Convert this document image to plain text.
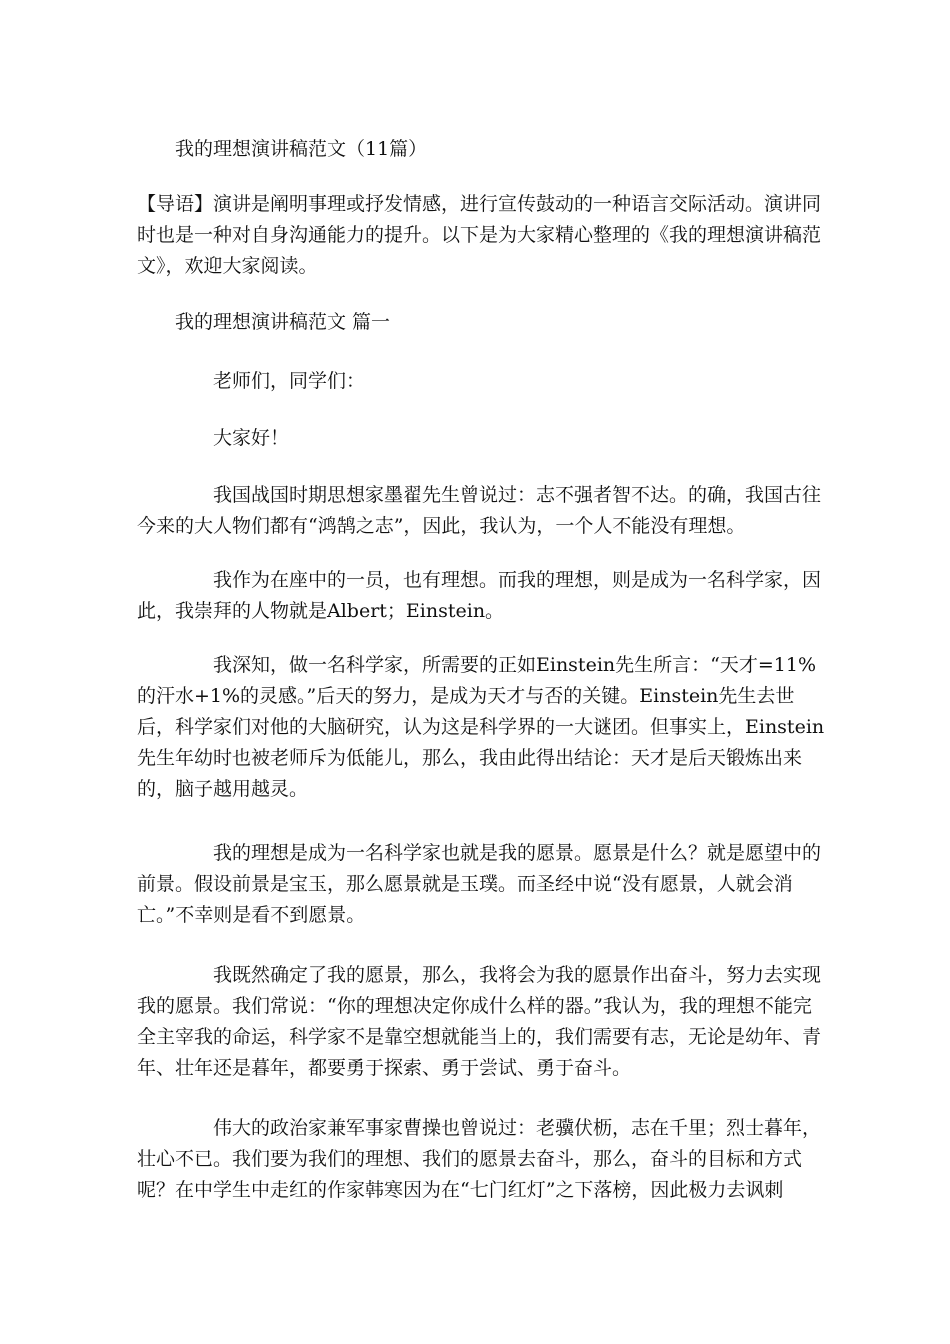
我的理想演讲稿范文（11篇）

【导语】演讲是阐明事理或抒发情感，进行宣传鼓动的一种语言交际活动。演讲同时也是一种对自身沟通能力的提升。以下是为大家精心整理的《我的理想演讲稿范文》，欢迎大家阅读。

我的理想演讲稿范文 篇一

老师们，同学们：

大家好！

我国战国时期思想家墨翟先生曾说过：志不强者智不达。的确，我国古往今来的大人物们都有“鸿鹄之志”，因此，我认为，一个人不能没有理想。

我作为在座中的一员，也有理想。而我的理想，则是成为一名科学家，因此，我崇拜的人物就是Albert；Einstein。

我深知，做一名科学家，所需要的正如Einstein先生所言：“天才=11%的汗水+1%的灵感。”后天的努力，是成为天才与否的关键。Einstein先生去世后，科学家们对他的大脑研究，认为这是科学界的一大谜团。但事实上，Einstein先生年幼时也被老师斥为低能儿，那么，我由此得出结论：天才是后天锻炼出来的，脑子越用越灵。

我的理想是成为一名科学家也就是我的愿景。愿景是什么？就是愿望中的前景。假设前景是宝玉，那么愿景就是玉璞。而圣经中说“没有愿景，人就会消亡。”不幸则是看不到愿景。

我既然确定了我的愿景，那么，我将会为我的愿景作出奋斗，努力去实现我的愿景。我们常说：“你的理想决定你成什么样的器。”我认为，我的理想不能完全主宰我的命运，科学家不是靠空想就能当上的，我们需要有志，无论是幼年、青年、壮年还是暮年，都要勇于探索、勇于尝试、勇于奋斗。

伟大的政治家兼军事家曹操也曾说过：老骥伏枥，志在千里；烈士暮年，壮心不已。我们要为我们的理想、我们的愿景去奋斗，那么，奋斗的目标和方式呢？在中学生中走红的作家韩寒因为在“七门红灯”之下落榜，因此极力去讽刺
